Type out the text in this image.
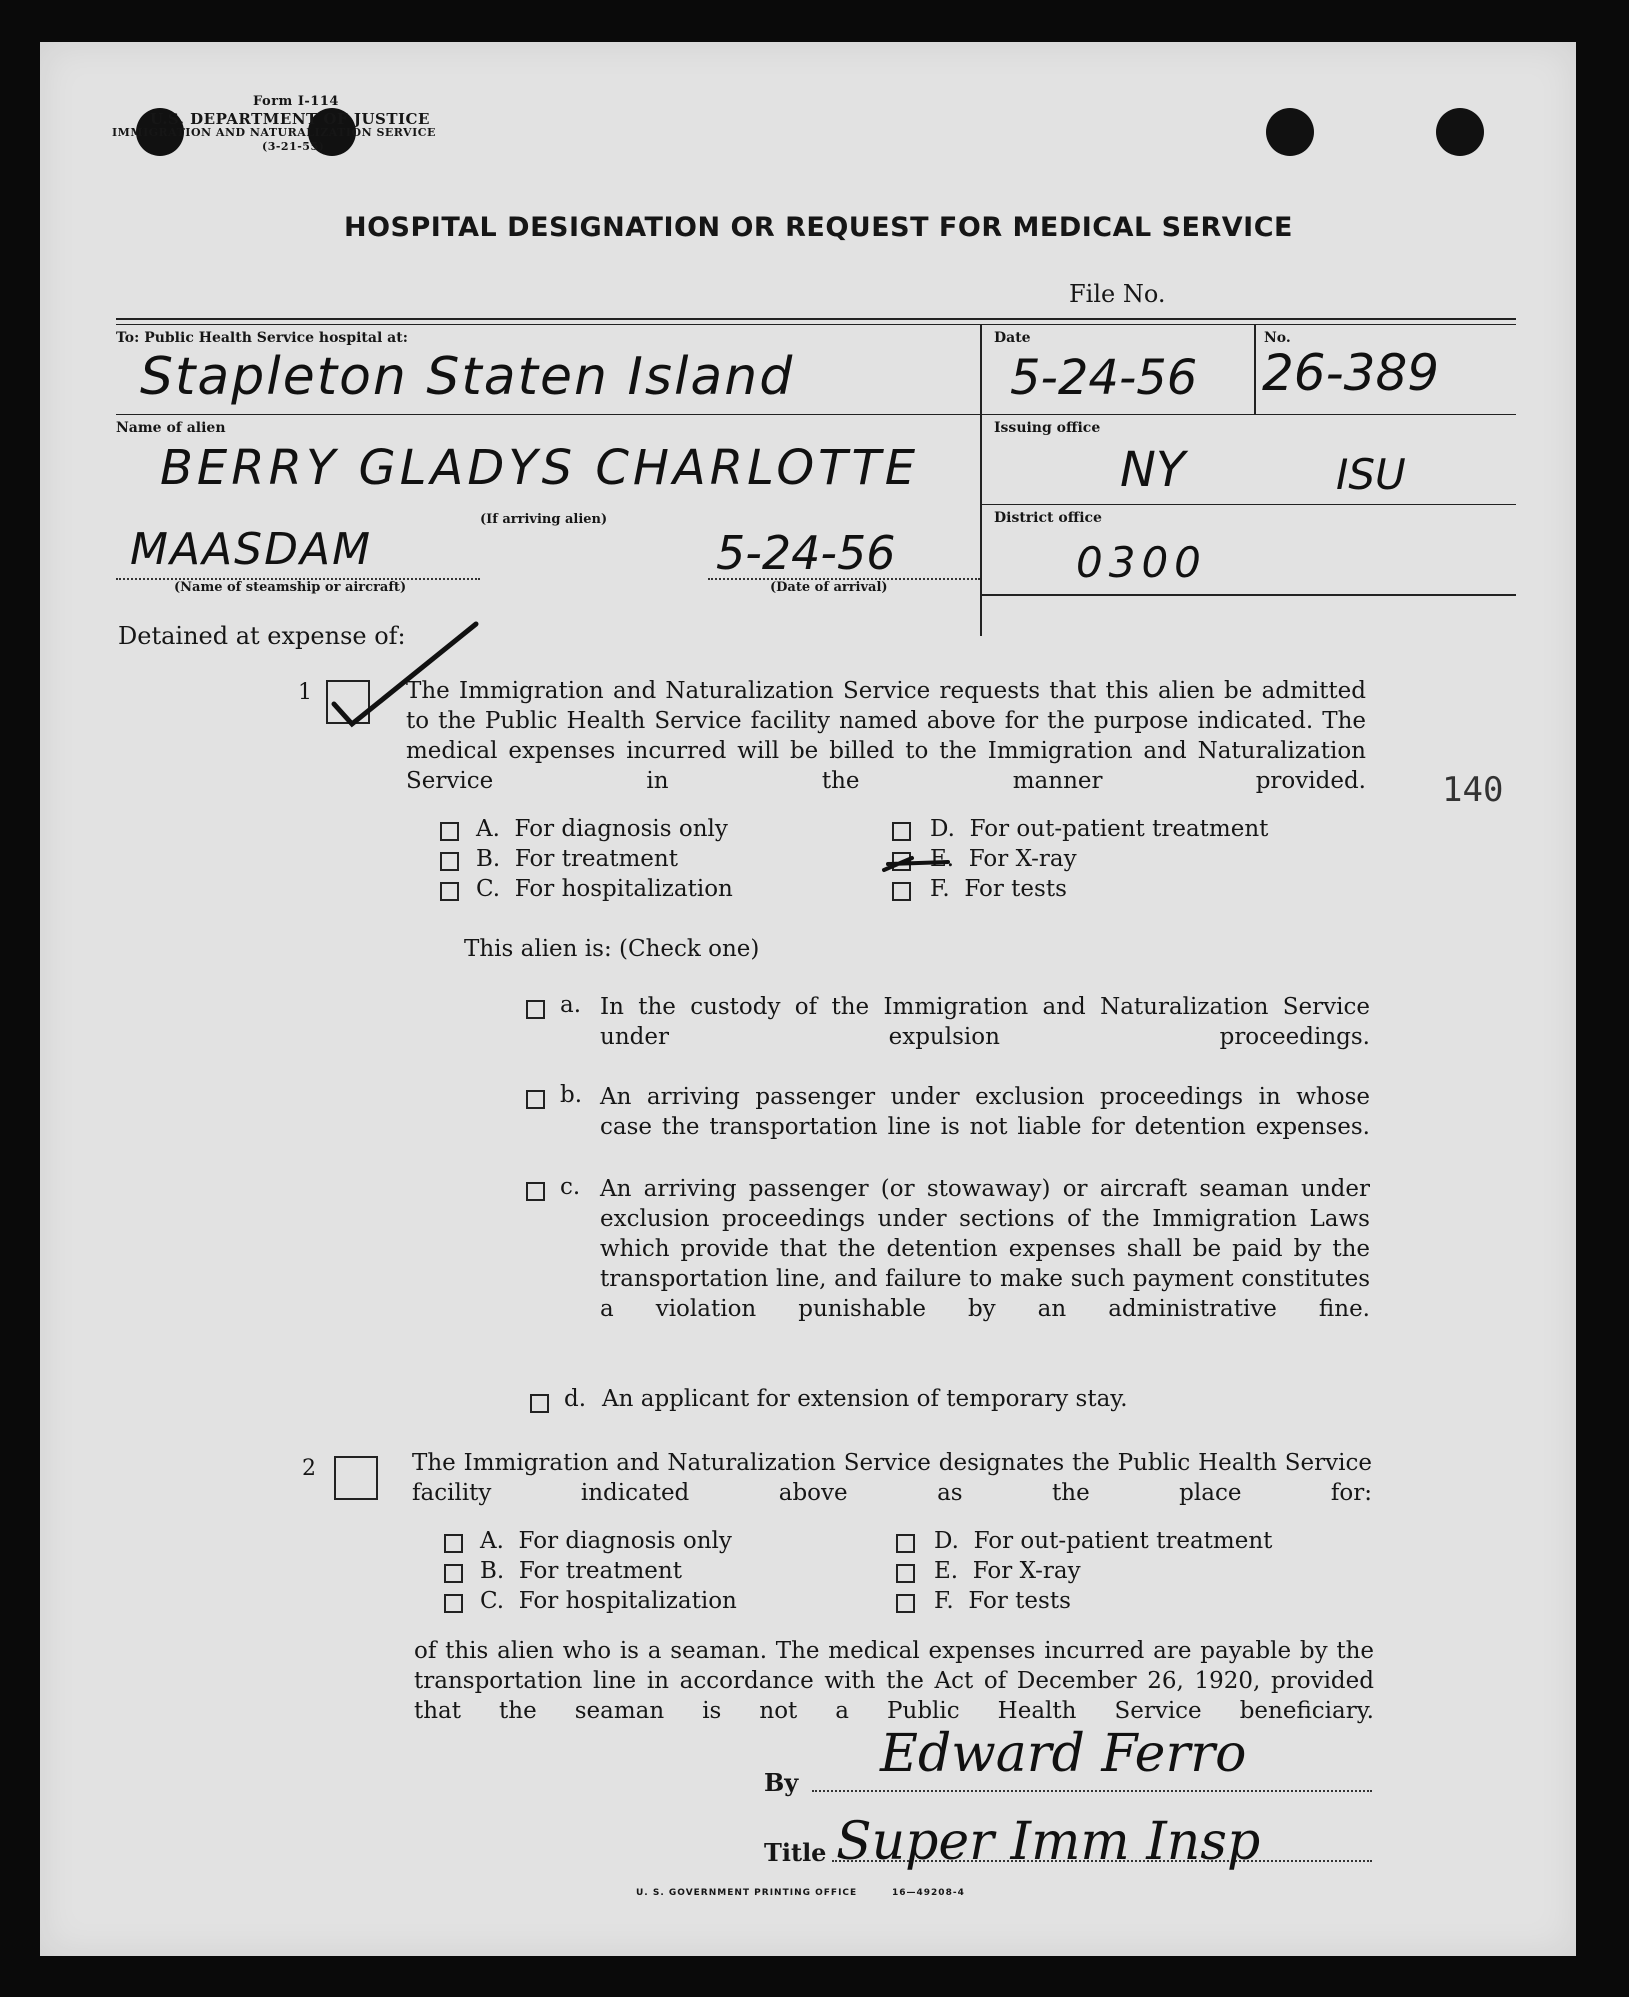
Form I-114
U.S. DEPARTMENT OF JUSTICE
IMMIGRATION AND NATURALIZATION SERVICE
(3-21-55)
HOSPITAL DESIGNATION OR REQUEST FOR MEDICAL SERVICE
File No.
To: Public Health Service hospital at:
Stapleton Staten Island
Date
5-24-56
No.
26-389
Name of alien
BERRY GLADYS CHARLOTTE
(If arriving alien)
Issuing office
NY	ISU
District office
0300
MAASDAM
(Name of steamship or aircraft)
5-24-56
(Date of arrival)
Detained at expense of:
1	The Immigration and Naturalization Service requests that this alien be admitted to the Public Health Service facility named above for the purpose indicated. The medical expenses incurred will be billed to the Immigration and Naturalization Service in the manner provided.
A. For diagnosis only
B. For treatment
C. For hospitalization
D. For out-patient treatment
E. For X-ray
F. For tests
This alien is: (Check one)
a. In the custody of the Immigration and Naturalization Service under expulsion proceedings.
b. An arriving passenger under exclusion proceedings in whose case the transportation line is not liable for detention expenses.
c. An arriving passenger (or stowaway) or aircraft seaman under exclusion proceedings under sections of the Immigration Laws which provide that the detention expenses shall be paid by the transportation line, and failure to make such payment constitutes a violation punishable by an administrative fine.
d. An applicant for extension of temporary stay.
140
2	The Immigration and Naturalization Service designates the Public Health Service facility indicated above as the place for:
A. For diagnosis only
B. For treatment
C. For hospitalization
D. For out-patient treatment
E. For X-ray
F. For tests
of this alien who is a seaman. The medical expenses incurred are payable by the transportation line in accordance with the Act of December 26, 1920, provided that the seaman is not a Public Health Service beneficiary.
By Edward Ferro
Title Super Imm Insp
U. S. GOVERNMENT PRINTING OFFICE	16—49208-4
